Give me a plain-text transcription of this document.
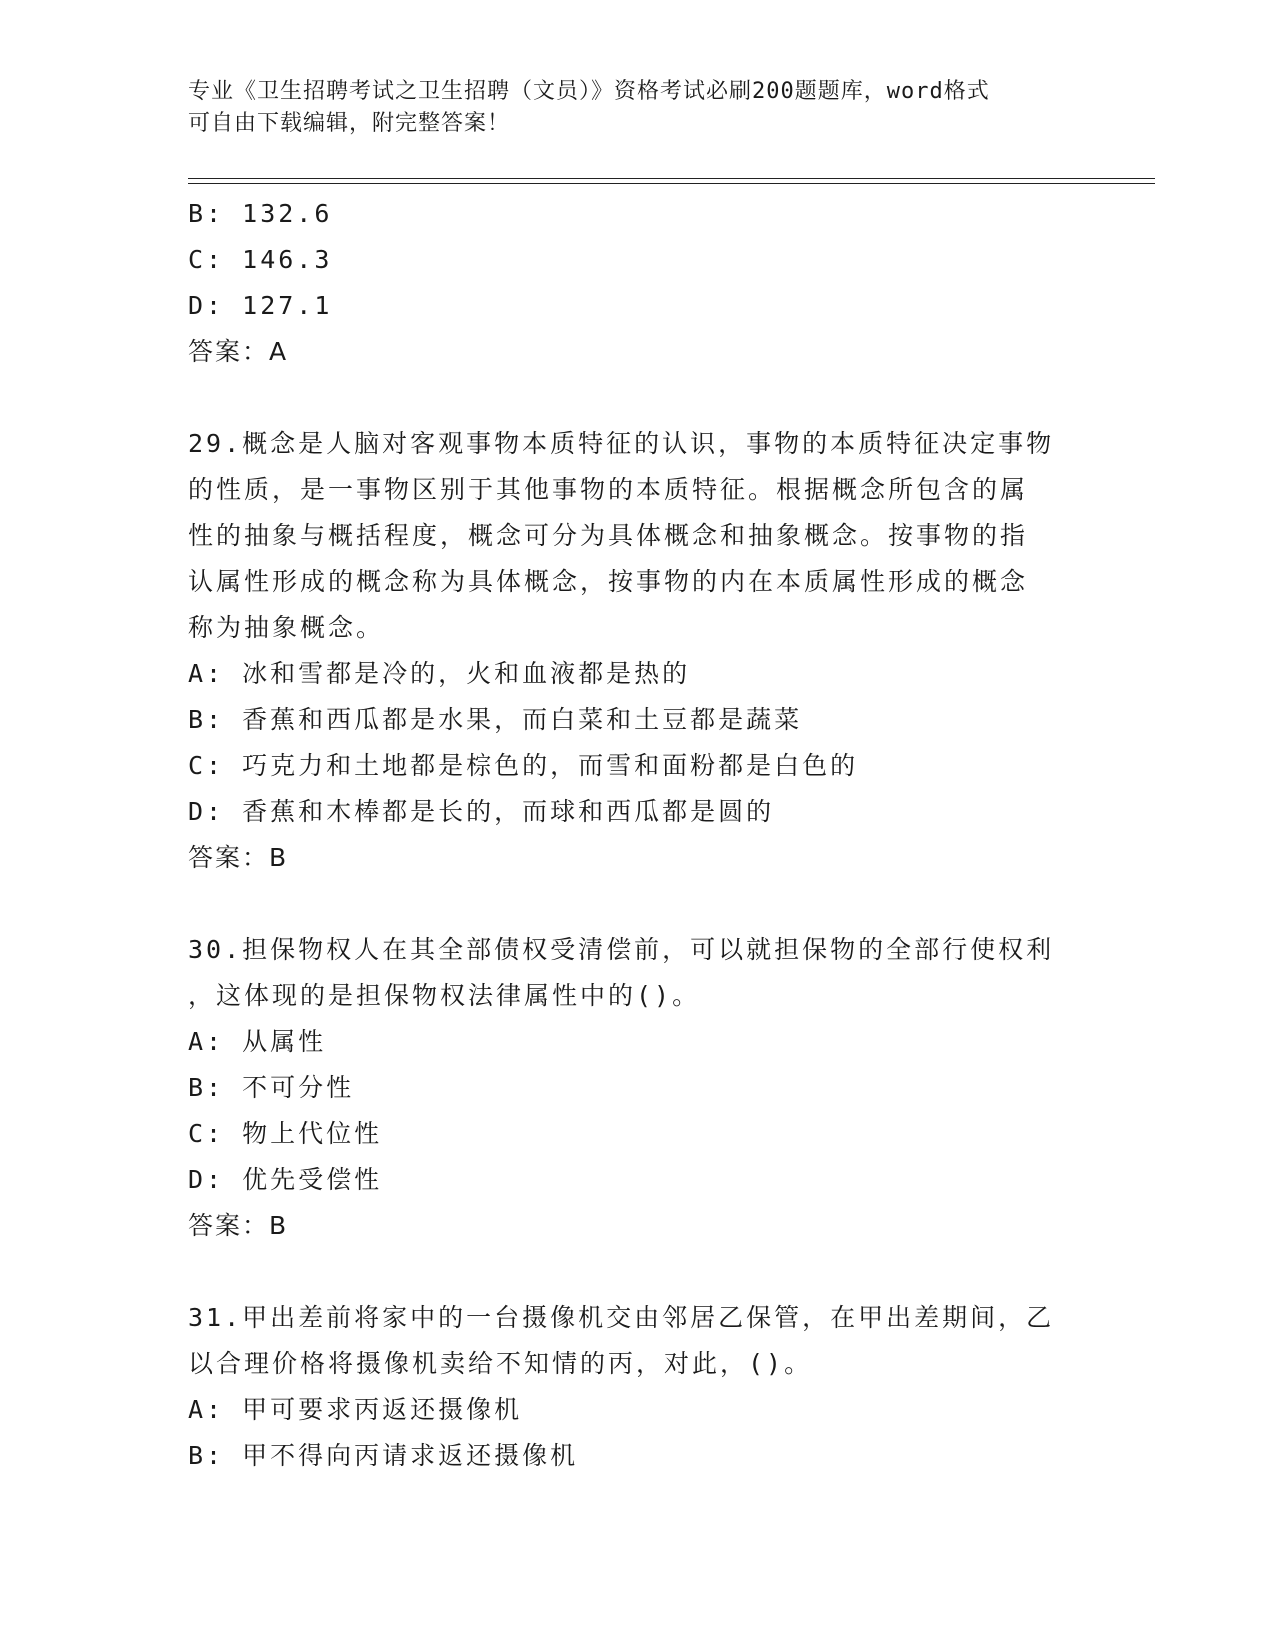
专业《卫生招聘考试之卫生招聘（文员）》资格考试必刷200题题库，word格式
可自由下载编辑，附完整答案！
B: 132.6
C: 146.3
D: 127.1
答案：A
29.概念是人脑对客观事物本质特征的认识，事物的本质特征决定事物
的性质，是一事物区别于其他事物的本质特征。根据概念所包含的属
性的抽象与概括程度，概念可分为具体概念和抽象概念。按事物的指
认属性形成的概念称为具体概念，按事物的内在本质属性形成的概念
称为抽象概念。
A: 冰和雪都是冷的，火和血液都是热的
B: 香蕉和西瓜都是水果，而白菜和土豆都是蔬菜
C: 巧克力和土地都是棕色的，而雪和面粉都是白色的
D: 香蕉和木棒都是长的，而球和西瓜都是圆的
答案：B
30.担保物权人在其全部债权受清偿前，可以就担保物的全部行使权利
，这体现的是担保物权法律属性中的()。
A: 从属性
B: 不可分性
C: 物上代位性
D: 优先受偿性
答案：B
31.甲出差前将家中的一台摄像机交由邻居乙保管，在甲出差期间，乙
以合理价格将摄像机卖给不知情的丙，对此，()。
A: 甲可要求丙返还摄像机
B: 甲不得向丙请求返还摄像机
